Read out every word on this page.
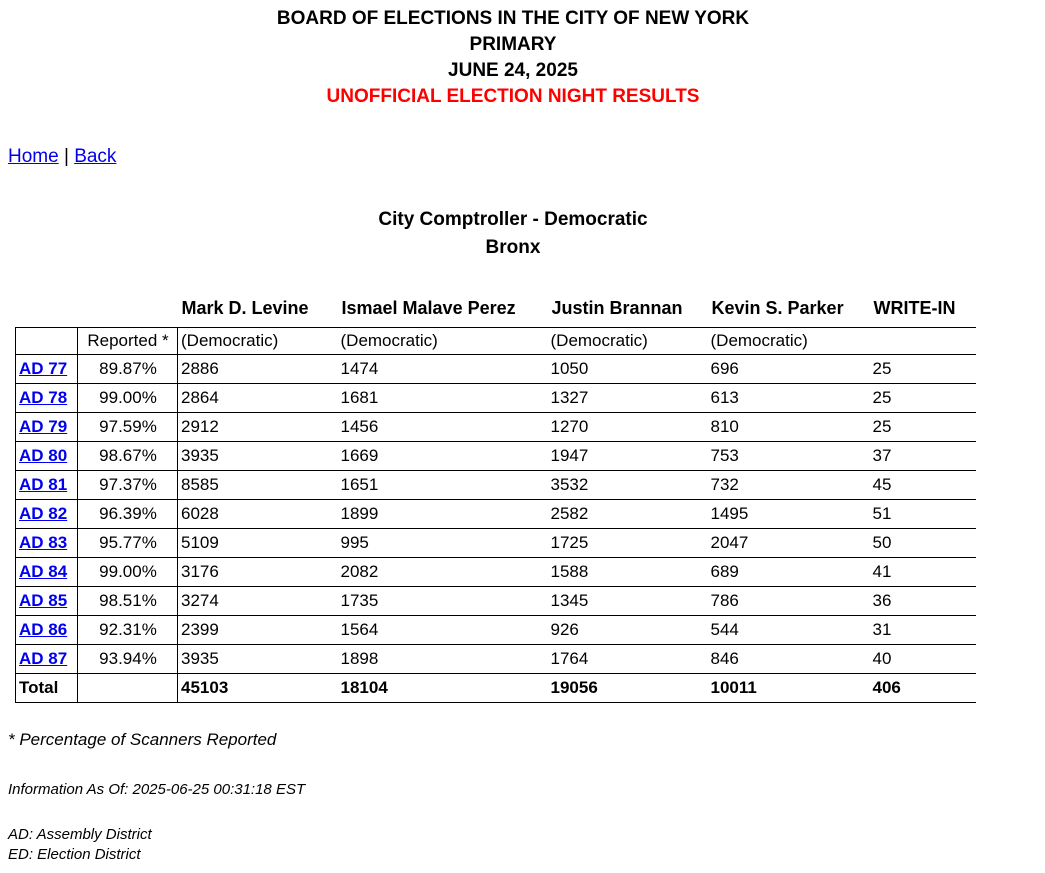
BOARD OF ELECTIONS IN THE CITY OF NEW YORK
PRIMARY
JUNE 24, 2025
UNOFFICIAL ELECTION NIGHT RESULTS
Home | Back
City Comptroller - Democratic
Bronx
		Mark D. Levine	Ismael Malave Perez	Justin Brannan	Kevin S. Parker	WRITE-IN
	Reported *	(Democratic)	(Democratic)	(Democratic)	(Democratic)	
AD 77	89.87%	2886	1474	1050	696	25
AD 78	99.00%	2864	1681	1327	613	25
AD 79	97.59%	2912	1456	1270	810	25
AD 80	98.67%	3935	1669	1947	753	37
AD 81	97.37%	8585	1651	3532	732	45
AD 82	96.39%	6028	1899	2582	1495	51
AD 83	95.77%	5109	995	1725	2047	50
AD 84	99.00%	3176	2082	1588	689	41
AD 85	98.51%	3274	1735	1345	786	36
AD 86	92.31%	2399	1564	926	544	31
AD 87	93.94%	3935	1898	1764	846	40
Total		45103	18104	19056	10011	406
* Percentage of Scanners Reported
Information As Of: 2025-06-25 00:31:18 EST
AD: Assembly District
ED: Election District
